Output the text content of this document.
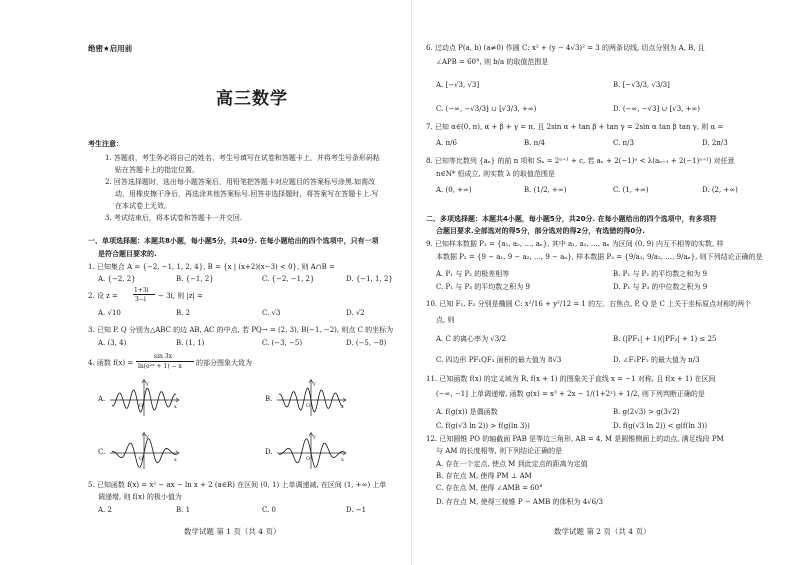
绝密★启用前
高三数学
考生注意：
1. 答题前，考生务必将自己的姓名、考生号填写在试卷和答题卡上，并将考生号条形码粘
贴在答题卡上的指定位置。
2. 回答选择题时，选出每小题答案后，用铅笔把答题卡对应题目的答案标号涂黑.如需改
动，用橡皮擦干净后，再选涂其他答案标号.回答非选择题时，将答案写在答题卡上.写
在本试卷上无效。
3. 考试结束后，将本试卷和答题卡一并交回.
一、单项选择题：本题共8小题，每小题5分，共40分. 在每小题给出的四个选项中，只有一项
是符合题目要求的.
1. 已知集合 A = {−2, −1, 1, 2, 4}, B = {x | (x+2)(x−3) < 0}, 则 A∩B =
A. {−2, 2}	B. {−1, 2}	C. {−2, −1, 2}	D. {−1, 1, 2}
2. 设 z =
1+3i
3−i − 3i, 则 |z| =
A. √10	B. 2	C. √3	D. √2
3. 已知 P, Q 分别为△ABC 的边 AB, AC 的中点, 若 PQ→ = (2, 3), B(−1, −2), 则点 C 的坐标为
A. (3, 4)	B. (1, 1)	C. (−3, −5)	D. (−5, −8)
4. 函数 f(x) =
sin 3x
ln(e²ˣ + 1) − x 的部分图象大致为
A.	B.
C.	D.
x
y
O	x
y
O
x
y
O	x
y
O
5. 已知函数 f(x) = x² − ax − ln x + 2 (a∈R) 在区间 (0, 1) 上单调递减, 在区间 (1, +∞) 上单
调递增, 则 f(x) 的极小值为
A. 2	B. 1	C. 0	D. −1
数学试题 第 1 页（共 4 页）
6. 过动点 P(a, b) (a≠0) 作圆 C: x² + (y − 4√3)² = 3 的两条切线, 切点分别为 A, B, 且
∠APB = 60°, 则 b/a 的取值范围是
A. [−√3, √3]	B. [−√3/3, √3/3]
C. (−∞, −√3/3] ∪ [√3/3, +∞)	D. (−∞, −√3] ∪ [√3, +∞)
7. 已知 α∈(0, π), α + β + γ = π, 且 2sin α + tan β + tan γ = 2sin α tan β tan γ, 则 α =
A. π/6	B. π/4	C. π/3	D. 2π/3
8. 已知等比数列 {aₙ} 的前 n 项和 Sₙ = 2ⁿ⁺¹ + c, 若 aₙ + 2(−1)ⁿ < λ(aₙ₊₁ + 2(−1)ⁿ⁺¹) 对任意
n∈N* 恒成立, 则实数 λ 的取值范围是
A. (0, +∞)	B. (1/2, +∞)	C. (1, +∞)	D. (2, +∞)
二、多项选择题：本题共4小题，每小题5分，共20分. 在每小题给出的四个选项中，有多项符
合题目要求.全部选对的得5分，部分选对的得2分，有选错的得0分.
9. 已知样本数据 P₁ = {a₁, a₂, …, aₙ}, 其中 a₁, a₂, …, aₙ 为区间 (0, 9) 内互不相等的实数, 样
本数据 P₂ = {9 − a₁, 9 − a₂, …, 9 − aₙ}, 样本数据 P₃ = {9/a₁, 9/a₂, …, 9/aₙ}, 则下列结论正确的是
A. P₁ 与 P₂ 的极差相等	B. P₁ 与 P₂ 的平均数之和为 9
C. P₁ 与 P₃ 的平均数之积为 9	D. P₁ 与 P₃ 的中位数之积为 9
10. 已知 F₁, F₂ 分别是椭圆 C: x²/16 + y²/12 = 1 的左、右焦点, P, Q 是 C 上关于坐标原点对称的两个
点, 则
A. C 的离心率为 √3/2	B. (|PF₁| + 1)(|PF₂| + 1) ≤ 25
C. 四边形 PF₁QF₂ 面积的最大值为 8√3	D. ∠F₁PF₂ 的最大值为 π/3
11. 已知函数 f(x) 的定义域为 R, f(x + 1) 的图象关于直线 x = −1 对称, 且 f(x + 1) 在区间
(−∞, −1] 上单调递增, 函数 g(x) = x³ + 2x − 1/(1+2ˣ) + 1/2, 则下列判断正确的是
A. f(g(x)) 是偶函数	B. g(2√3) > g(3√2)
C. f(g(√3 ln 2)) > f(g(ln 3))	D. f(g(√3 ln 2)) < g(f(ln 3))
12. 已知圆锥 PO 的轴截面 PAB 是等边三角形, AB = 4, M 是圆锥侧面上的动点, 满足线段 PM
与 AM 的长度相等, 则下列结论正确的是
A. 存在一个定点, 使点 M 到此定点的距离为定值
B. 存在点 M, 使得 PM ⊥ AM
C. 存在点 M, 使得 ∠AMB = 60°
D. 存在点 M, 使得三棱锥 P − AMB 的体积为 4√6/3
数学试题 第 2 页（共 4 页）
